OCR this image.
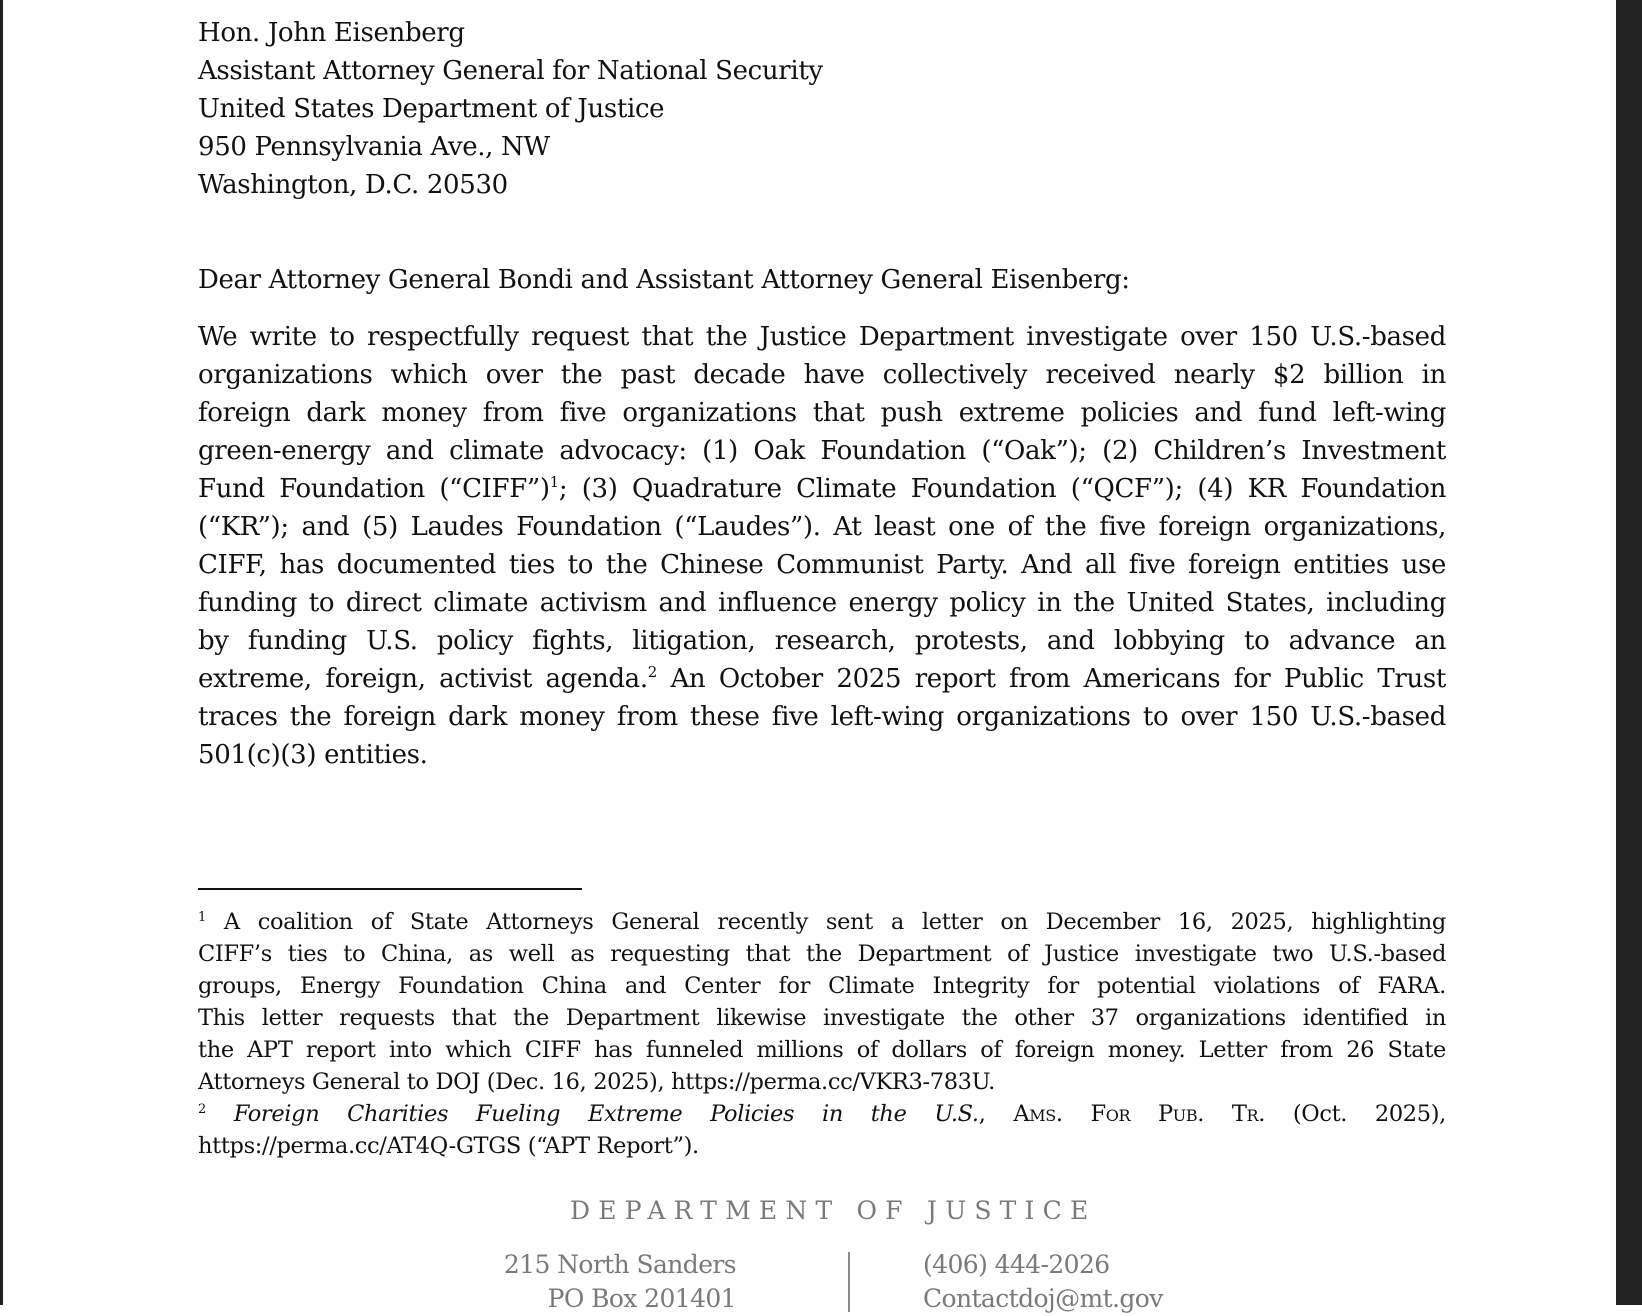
Hon. John Eisenberg
Assistant Attorney General for National Security
United States Department of Justice
950 Pennsylvania Ave., NW
Washington, D.C. 20530
Dear Attorney General Bondi and Assistant Attorney General Eisenberg:
We write to respectfully request that the Justice Department investigate over 150 U.S.-based
organizations which over the past decade have collectively received nearly $2 billion in
foreign dark money from five organizations that push extreme policies and fund left-wing
green-energy and climate advocacy: (1) Oak Foundation (“Oak”); (2) Children’s Investment
Fund Foundation (“CIFF”)$^1$; (3) Quadrature Climate Foundation (“QCF”); (4) KR Foundation
(“KR”); and (5) Laudes Foundation (“Laudes”). At least one of the five foreign organizations,
CIFF, has documented ties to the Chinese Communist Party. And all five foreign entities use
funding to direct climate activism and influence energy policy in the United States, including
by funding U.S. policy fights, litigation, research, protests, and lobbying to advance an
extreme, foreign, activist agenda.$^2$ An October 2025 report from Americans for Public Trust
traces the foreign dark money from these five left-wing organizations to over 150 U.S.-based
501(c)(3) entities.
$^1$ A coalition of State Attorneys General recently sent a letter on December 16, 2025, highlighting
CIFF’s ties to China, as well as requesting that the Department of Justice investigate two U.S.-based
groups, Energy Foundation China and Center for Climate Integrity for potential violations of FARA.
This letter requests that the Department likewise investigate the other 37 organizations identified in
the APT report into which CIFF has funneled millions of dollars of foreign money. Letter from 26 State
Attorneys General to DOJ (Dec. 16, 2025), https://perma.cc/VKR3-783U.
$^2$ Foreign Charities Fueling Extreme Policies in the U.S., Ams. For Pub. Tr. (Oct. 2025),
https://perma.cc/AT4Q-GTGS (“APT Report”).
DEPARTMENT OF JUSTICE
215 North Sanders
PO Box 201401
(406) 444-2026
Contactdoj@mt.gov
